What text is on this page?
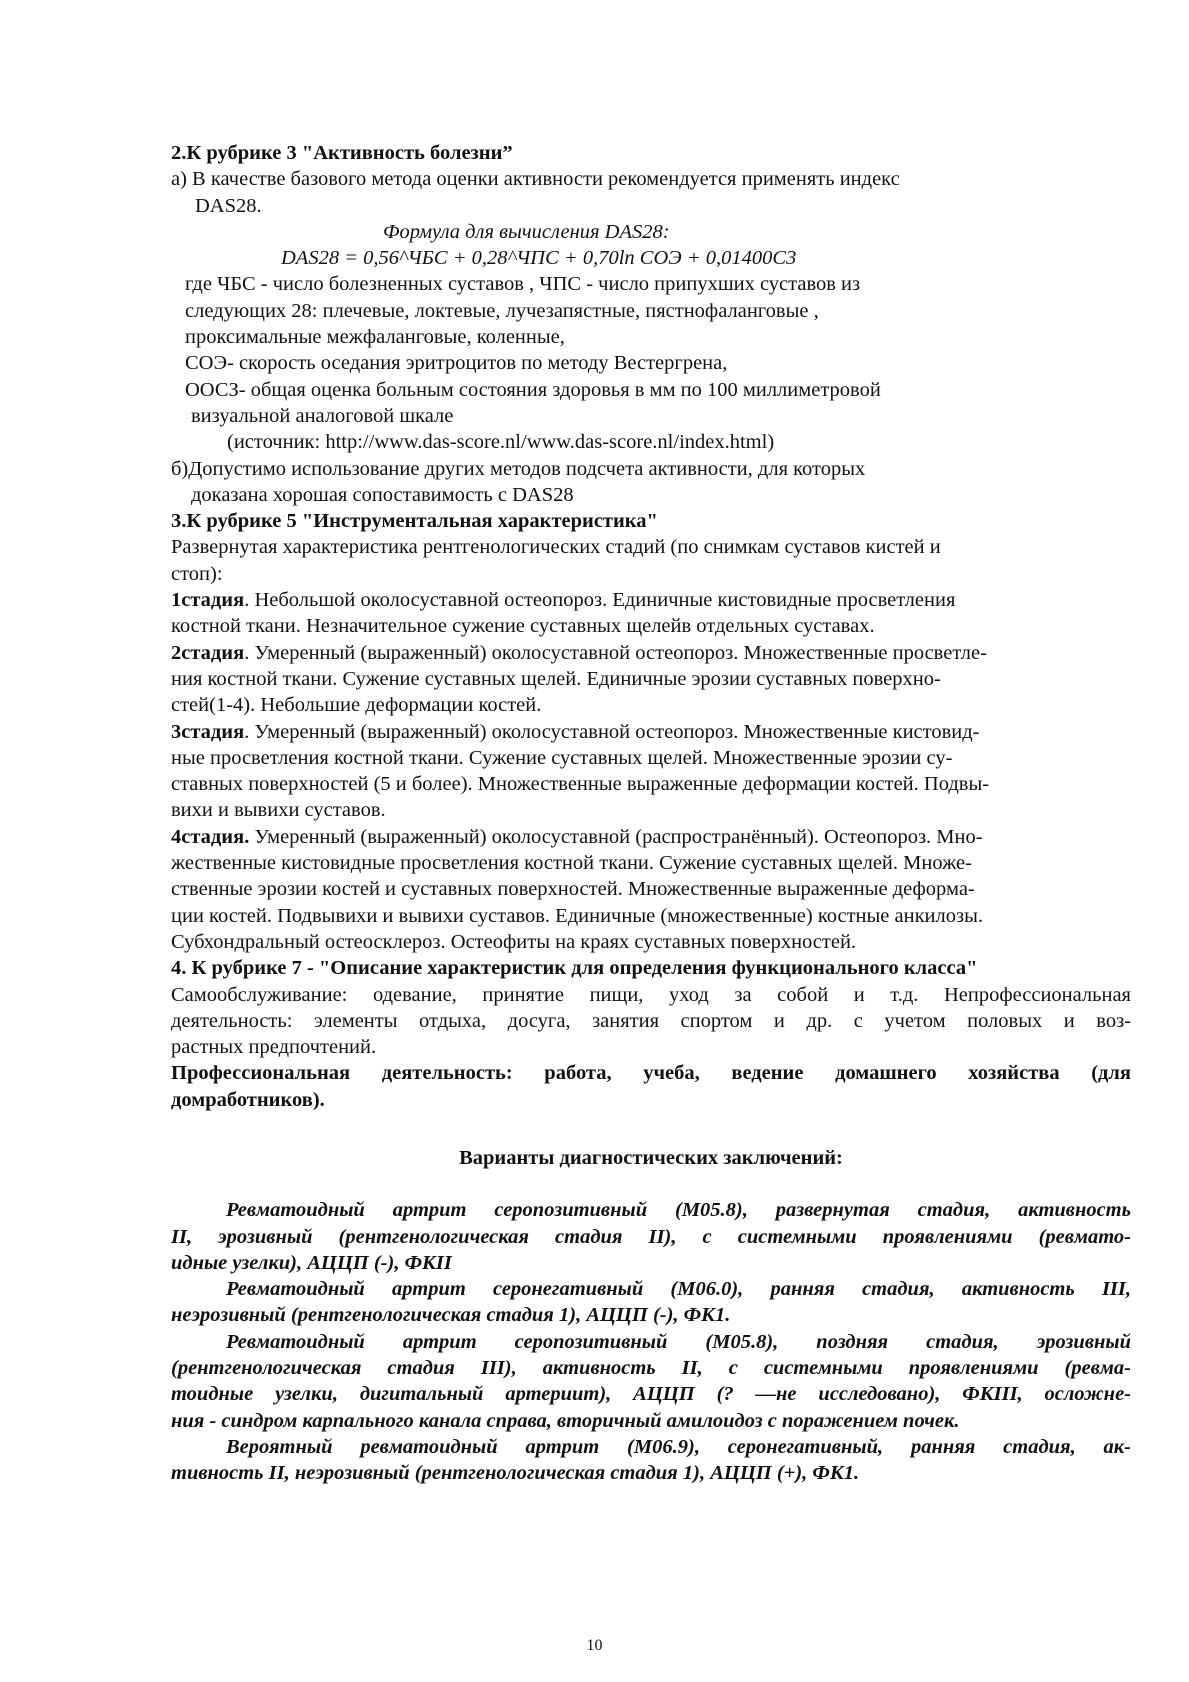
2.К рубрике 3 "Активность болезни”
а) В качестве базового метода оценки активности рекомендуется применять индекс
DAS28.
Формула для вычисления DAS28:
DAS28 = 0,56^ЧБС + 0,28^ЧПС + 0,70ln СОЭ + 0,01400С3
где ЧБС - число болезненных суставов , ЧПС - число припухших суставов из
следующих 28: плечевые, локтевые, лучезапястные, пястнофаланговые ,
проксимальные межфаланговые, коленные,
СОЭ- скорость оседания эритроцитов по методу Вестергрена,
ООСЗ- общая оценка больным состояния здоровья в мм по 100 миллиметровой
визуальной аналоговой шкале
(источник: http://www.das-score.nl/www.das-score.nl/index.html)
б)Допустимо использование других методов подсчета активности, для которых
доказана хорошая сопоставимость с DAS28
3.К рубрике 5 "Инструментальная характеристика"
Развернутая характеристика рентгенологических стадий (по снимкам суставов кистей и
стоп):
1стадия. Небольшой околосуставной остеопороз. Единичные кистовидные просветления
костной ткани. Незначительное сужение суставных щелейв отдельных суставах.
2стадия. Умеренный (выраженный) околосуставной остеопороз. Множественные просветле-
ния костной ткани. Сужение суставных щелей. Единичные эрозии суставных поверхно-
стей(1-4). Небольшие деформации костей.
3стадия. Умеренный (выраженный) околосуставной остеопороз. Множественные кистовид-
ные просветления костной ткани. Сужение суставных щелей. Множественные эрозии су-
ставных поверхностей (5 и более). Множественные выраженные деформации костей. Подвы-
вихи и вывихи суставов.
4стадия. Умеренный (выраженный) околосуставной (распространённый). Остеопороз. Мно-
жественные кистовидные просветления костной ткани. Сужение суставных щелей. Множе-
ственные эрозии костей и суставных поверхностей. Множественные выраженные деформа-
ции костей. Подвывихи и вывихи суставов. Единичные (множественные) костные анкилозы.
Субхондральный остеосклероз. Остеофиты на краях суставных поверхностей.
4. К рубрике 7 - "Описание характеристик для определения функционального класса"
Самообслуживание: одевание, принятие пищи, уход за собой и т.д. Непрофессиональная
деятельность: элементы отдыха, досуга, занятия спортом и др. с учетом половых и воз-
растных предпочтений.
Профессиональная деятельность: работа, учеба, ведение домашнего хозяйства (для
домработников).
Варианты диагностических заключений:
Ревматоидный артрит серопозитивный (М05.8), развернутая стадия, активность
II, эрозивный (рентгенологическая стадия II), с системными проявлениями (ревмато-
идные узелки), АЦЦП (-), ФКII
Ревматоидный артрит серонегативный (М06.0), ранняя стадия, активность III,
неэрозивный (рентгенологическая стадия 1), АЦЦП (-), ФК1.
Ревматоидный артрит серопозитивный (М05.8), поздняя стадия, эрозивный
(рентгенологическая стадия III), активность II, с системными проявлениями (ревма-
тоидные узелки, дигитальный артериит), АЦЦП (? —не исследовано), ФКIII, осложне-
ния - синдром карпального канала справа, вторичный амилоидоз с поражением почек.
Вероятный ревматоидный артрит (М06.9), серонегативный, ранняя стадия, ак-
тивность II, неэрозивный (рентгенологическая стадия 1), АЦЦП (+), ФК1.
10
